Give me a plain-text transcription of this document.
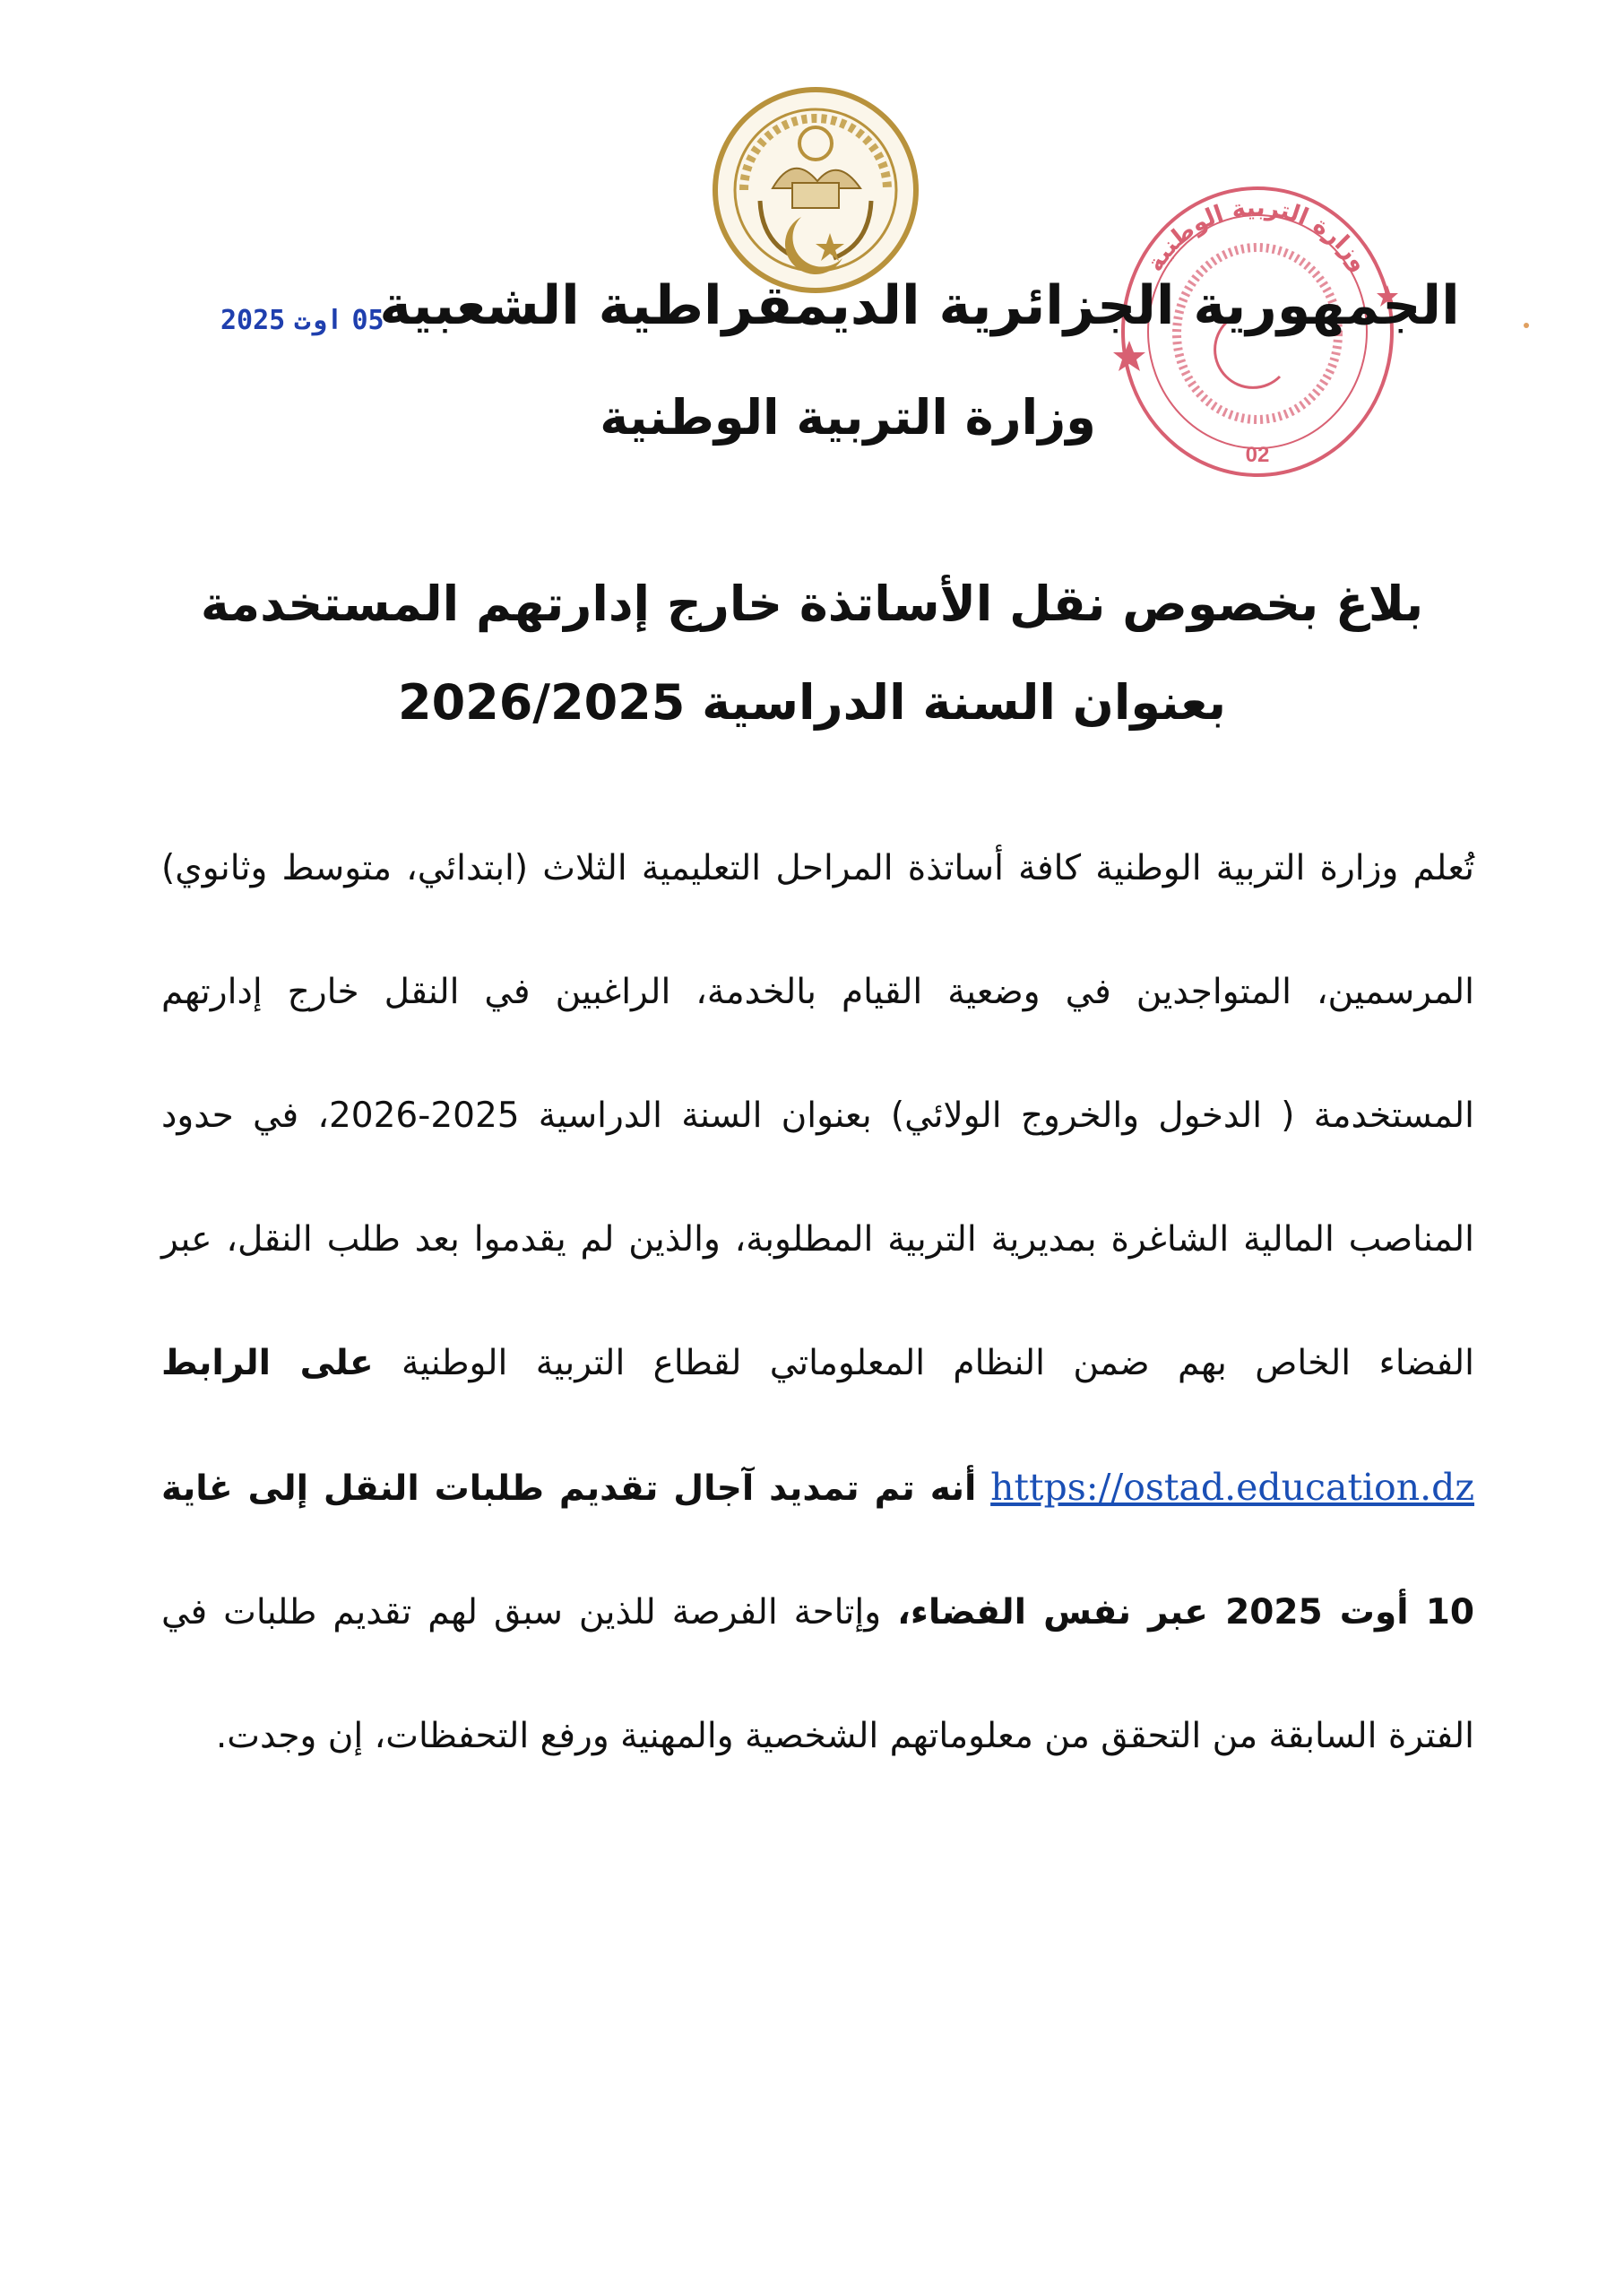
وزارة التربية الوطنية
02
05اوت2025	الجمهورية الجزائرية الديمقراطية الشعبية
وزارة التربية الوطنية
بلاغ بخصوص نقل الأساتذة خارج إدارتهم المستخدمة
بعنوان السنة الدراسية 2026/2025
تُعلم وزارة التربية الوطنية كافة أساتذة المراحل التعليمية الثلاث (ابتدائي، متوسط وثانوي) المرسمين، المتواجدين في وضعية القيام بالخدمة، الراغبين في النقل خارج إدارتهم المستخدمة ( الدخول والخروج الولائي) بعنوان السنة الدراسية 2025-2026، في حدود المناصب المالية الشاغرة بمديرية التربية المطلوبة، والذين لم يقدموا بعد طلب النقل، عبر الفضاء الخاص بهم ضمن النظام المعلوماتي لقطاع التربية الوطنية على الرابط https://ostad.education.dz أنه تم تمديد آجال تقديم طلبات النقل إلى غاية 10 أوت 2025 عبر نفس الفضاء، وإتاحة الفرصة للذين سبق لهم تقديم طلبات في الفترة السابقة من التحقق من معلوماتهم الشخصية والمهنية ورفع التحفظات، إن وجدت.
